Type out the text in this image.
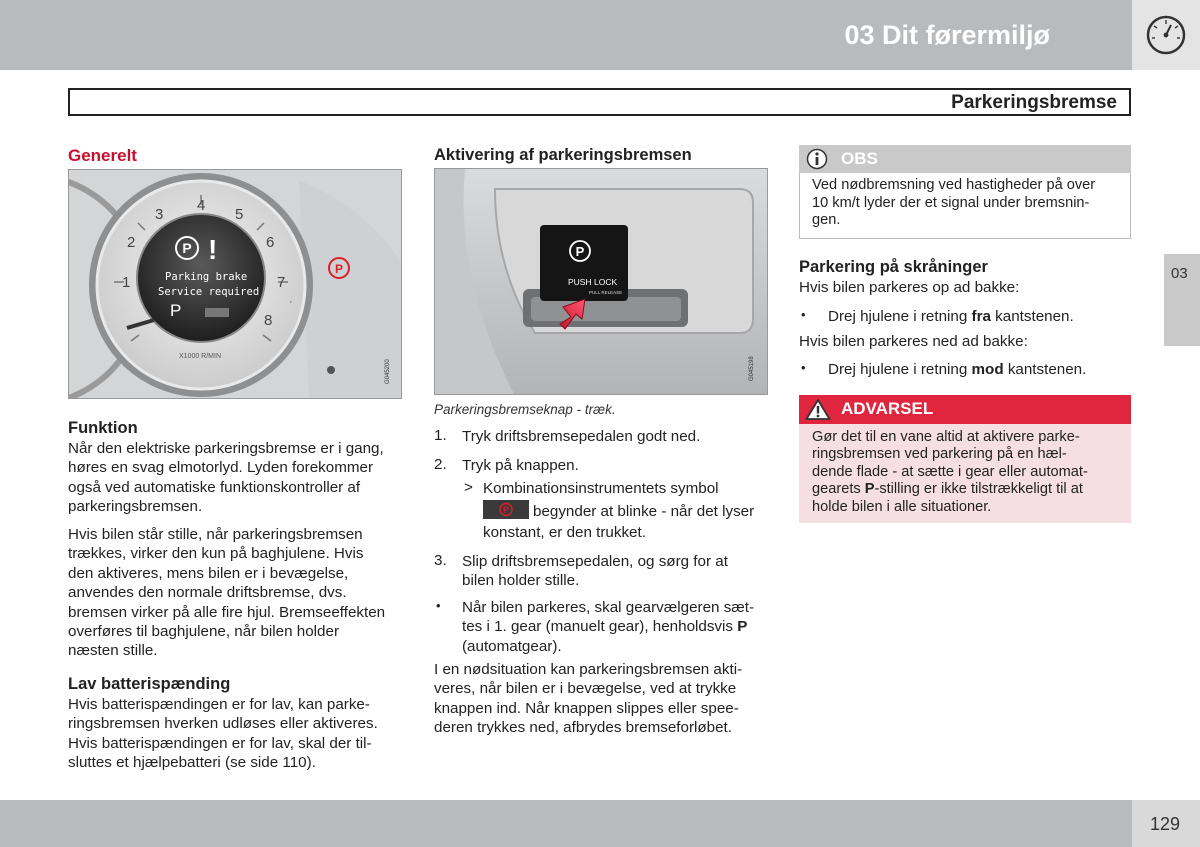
03 Dit førermiljø
Parkeringsbremse
03
Generelt
P !
·
P
1
2
3
4
5
6
7
8
Parking brake
Service required
P
X1000 R/MIN
G045200
Funktion
Når den elektriske parkeringsbremse er i gang,
høres en svag elmotorlyd. Lyden forekommer
også ved automatiske funktionskontroller af
parkeringsbremsen.
Hvis bilen står stille, når parkeringsbremsen
trækkes, virker den kun på baghjulene. Hvis
den aktiveres, mens bilen er i bevægelse,
anvendes den normale driftsbremse, dvs.
bremsen virker på alle fire hjul. Bremseeffekten
overføres til baghjulene, når bilen holder
næsten stille.
Lav batterispænding
Hvis batterispændingen er for lav, kan parke-
ringsbremsen hverken udløses eller aktiveres.
Hvis batterispændingen er for lav, skal der til-
sluttes et hjælpebatteri (se side 110).
Aktivering af parkeringsbremsen
P
PUSH LOCK
PULL RELEASE
G045198
Parkeringsbremseknap - træk.
1. Tryk driftsbremsepedalen godt ned.
2. Tryk på knappen.
> Kombinationsinstrumentets symbol
P begynder at blinke - når det lyser
konstant, er den trukket.
3. Slip driftsbremsepedalen, og sørg for at
bilen holder stille.
• Når bilen parkeres, skal gearvælgeren sæt-
tes i 1. gear (manuelt gear), henholdsvis P
(automatgear).
I en nødsituation kan parkeringsbremsen akti-
veres, når bilen er i bevægelse, ved at trykke
knappen ind. Når knappen slippes eller spee-
deren trykkes ned, afbrydes bremseforløbet.
OBS
Ved nødbremsning ved hastigheder på over
10 km/t lyder der et signal under bremsnin-
gen.
Parkering på skråninger
Hvis bilen parkeres op ad bakke:
• Drej hjulene i retning fra kantstenen.
Hvis bilen parkeres ned ad bakke:
• Drej hjulene i retning mod kantstenen.
ADVARSEL
Gør det til en vane altid at aktivere parke-
ringsbremsen ved parkering på en hæl-
dende flade - at sætte i gear eller automat-
gearets P-stilling er ikke tilstrækkeligt til at
holde bilen i alle situationer.
129
